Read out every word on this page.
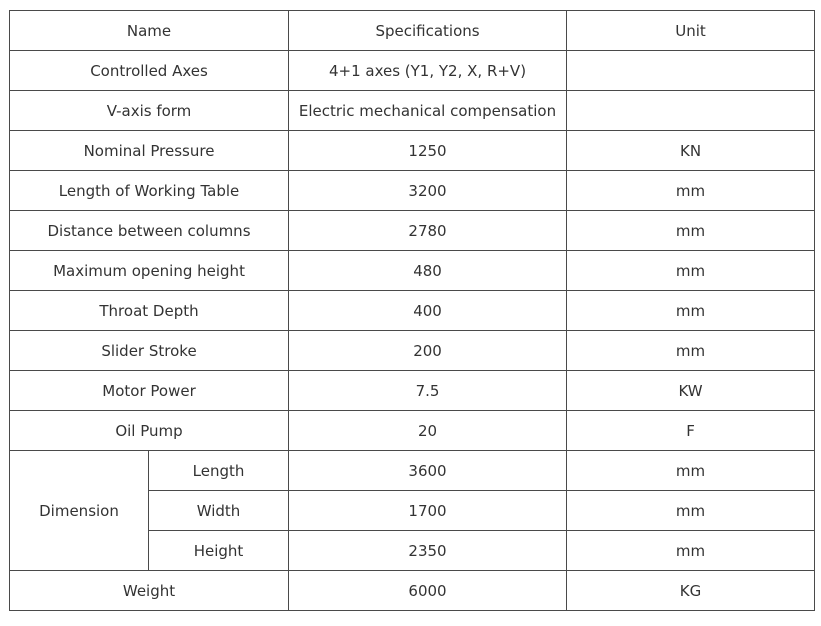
Name		Specifications	Unit
Controlled Axes		4+1 axes (Y1, Y2, X, R+V)	
V-axis form		Electric mechanical compensation	
Nominal Pressure		1250	KN
Length of Working Table		3200	mm
Distance between columns		2780	mm
Maximum opening height		480	mm
Throat Depth		400	mm
Slider Stroke		200	mm
Motor Power		7.5	KW
Oil Pump		20	F
Dimension	Length	3600	mm
	Width	1700	mm
	Height	2350	mm
Weight		6000	KG
